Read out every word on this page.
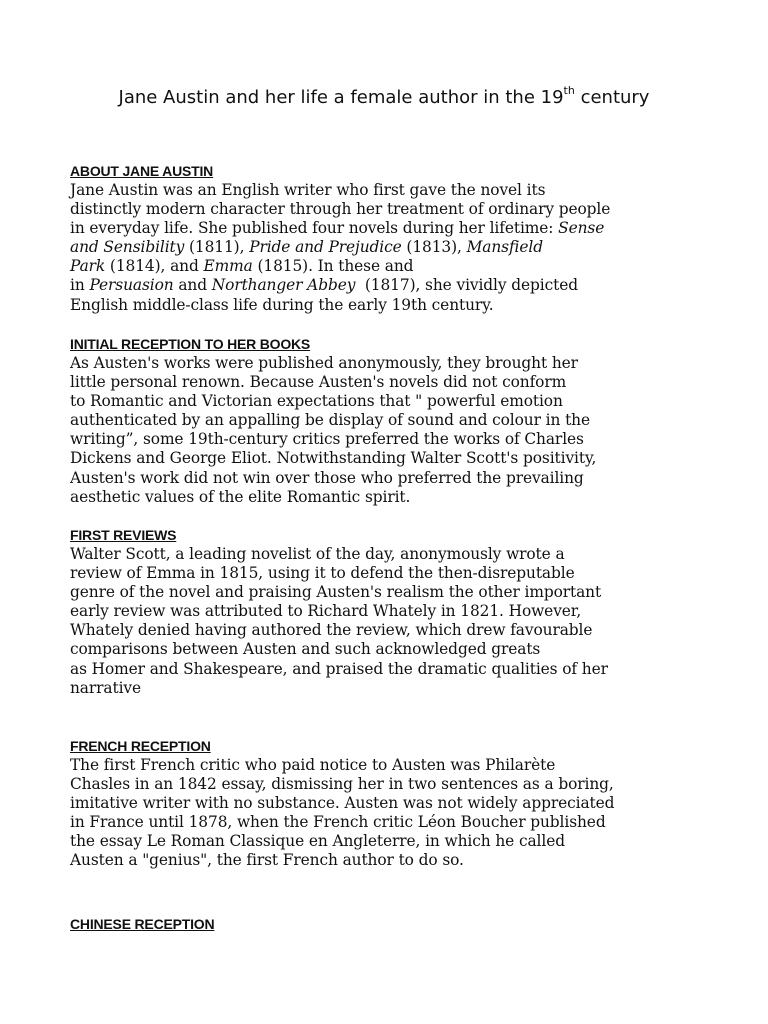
Jane Austin and her life a female author in the 19th century

ABOUT JANE AUSTIN

Jane Austin was an English writer who first gave the novel its
distinctly modern character through her treatment of ordinary people
in everyday life. She published four novels during her lifetime: Sense
and Sensibility (1811), Pride and Prejudice (1813), Mansfield
Park (1814), and Emma (1815). In these and
in Persuasion and Northanger Abbey  (1817), she vividly depicted
English middle-class life during the early 19th century.

INITIAL RECEPTION TO HER BOOKS

As Austen's works were published anonymously, they brought her
little personal renown. Because Austen's novels did not conform
to Romantic and Victorian expectations that " powerful emotion
authenticated by an appalling be display of sound and colour in the
writing”, some 19th-century critics preferred the works of Charles
Dickens and George Eliot. Notwithstanding Walter Scott's positivity,
Austen's work did not win over those who preferred the prevailing
aesthetic values of the elite Romantic spirit.

FIRST REVIEWS

Walter Scott, a leading novelist of the day, anonymously wrote a
review of Emma in 1815, using it to defend the then-disreputable
genre of the novel and praising Austen's realism the other important
early review was attributed to Richard Whately in 1821. However,
Whately denied having authored the review, which drew favourable
comparisons between Austen and such acknowledged greats
as Homer and Shakespeare, and praised the dramatic qualities of her
narrative

FRENCH RECEPTION

The first French critic who paid notice to Austen was Philarète
Chasles in an 1842 essay, dismissing her in two sentences as a boring,
imitative writer with no substance. Austen was not widely appreciated
in France until 1878, when the French critic Léon Boucher published
the essay Le Roman Classique en Angleterre, in which he called
Austen a "genius", the first French author to do so.

CHINESE RECEPTION
